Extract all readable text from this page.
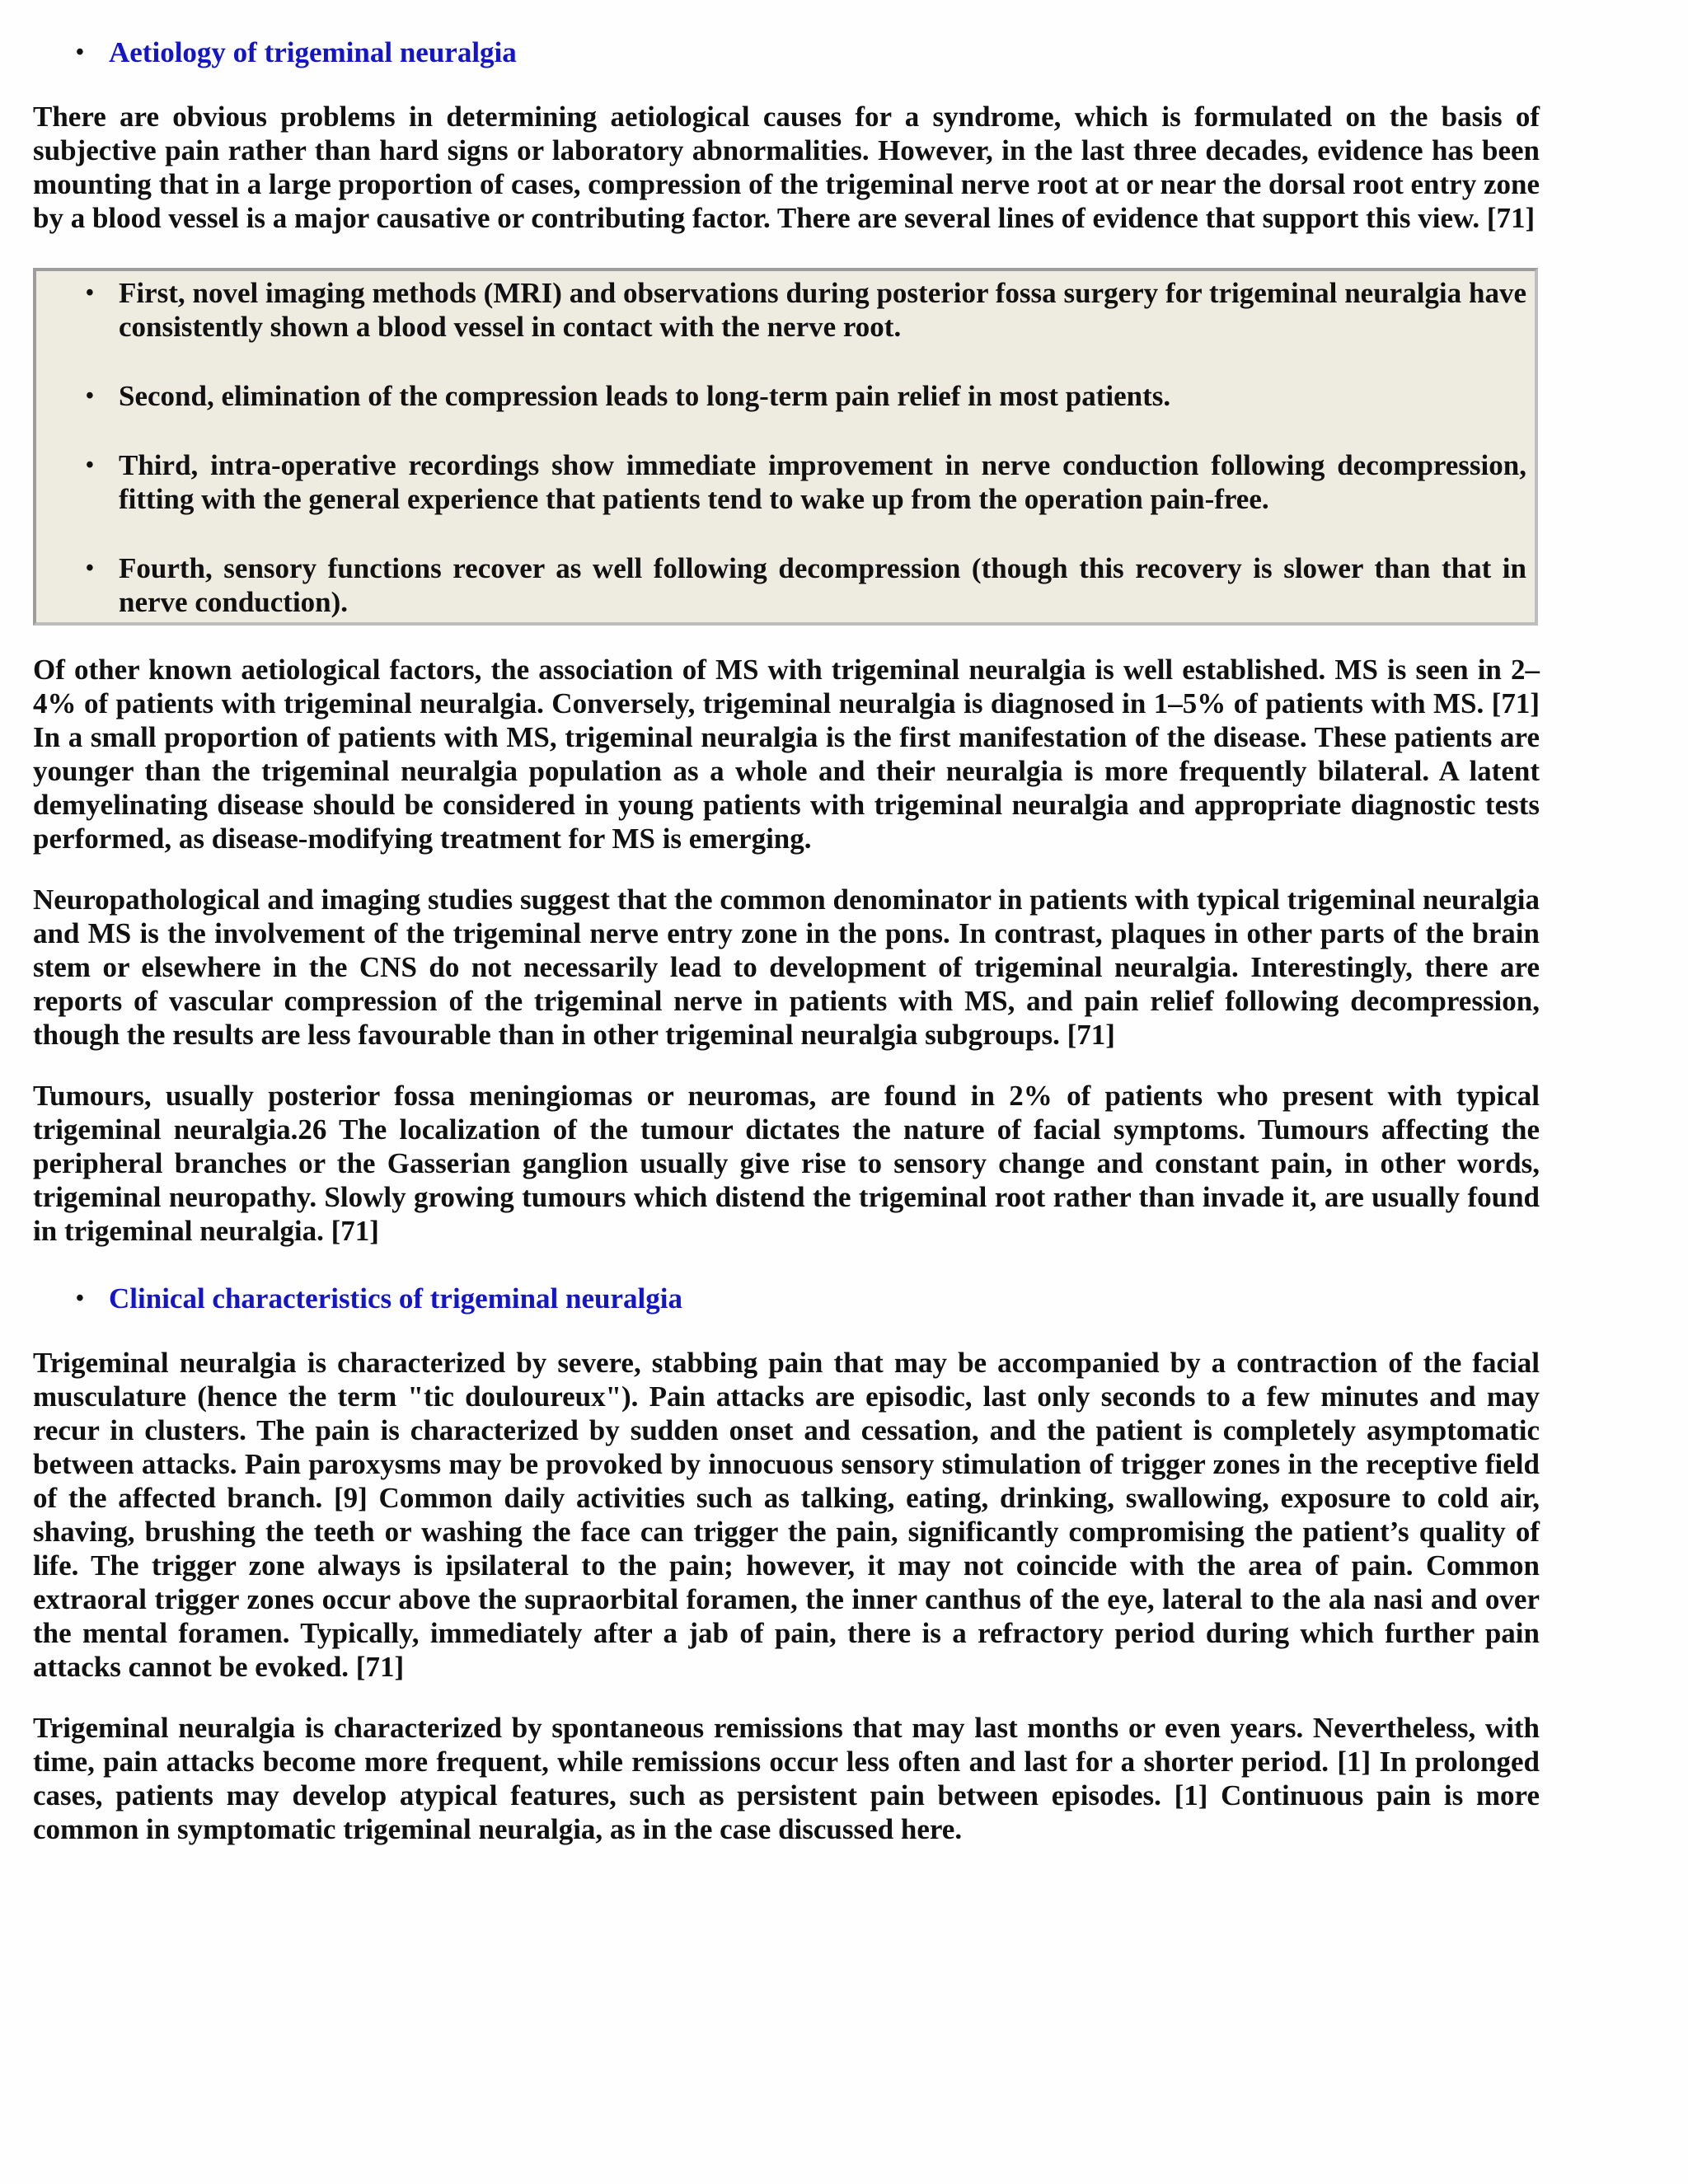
• Aetiology of trigeminal neuralgia

There are obvious problems in determining aetiological causes for a syndrome, which is formulated on the basis of subjective pain rather than hard signs or laboratory abnormalities. However, in the last three decades, evidence has been mounting that in a large proportion of cases, compression of the trigeminal nerve root at or near the dorsal root entry zone by a blood vessel is a major causative or contributing factor. There are several lines of evidence that support this view. [71]

• First, novel imaging methods (MRI) and observations during posterior fossa surgery for trigeminal neuralgia have consistently shown a blood vessel in contact with the nerve root.
• Second, elimination of the compression leads to long-term pain relief in most patients.
• Third, intra-operative recordings show immediate improvement in nerve conduction following decompression, fitting with the general experience that patients tend to wake up from the operation pain-free.
• Fourth, sensory functions recover as well following decompression (though this recovery is slower than that in nerve conduction).

Of other known aetiological factors, the association of MS with trigeminal neuralgia is well established. MS is seen in 2–4% of patients with trigeminal neuralgia. Conversely, trigeminal neuralgia is diagnosed in 1–5% of patients with MS. [71] In a small proportion of patients with MS, trigeminal neuralgia is the first manifestation of the disease. These patients are younger than the trigeminal neuralgia population as a whole and their neuralgia is more frequently bilateral. A latent demyelinating disease should be considered in young patients with trigeminal neuralgia and appropriate diagnostic tests performed, as disease-modifying treatment for MS is emerging.

Neuropathological and imaging studies suggest that the common denominator in patients with typical trigeminal neuralgia and MS is the involvement of the trigeminal nerve entry zone in the pons. In contrast, plaques in other parts of the brain stem or elsewhere in the CNS do not necessarily lead to development of trigeminal neuralgia. Interestingly, there are reports of vascular compression of the trigeminal nerve in patients with MS, and pain relief following decompression, though the results are less favourable than in other trigeminal neuralgia subgroups. [71]

Tumours, usually posterior fossa meningiomas or neuromas, are found in 2% of patients who present with typical trigeminal neuralgia.26 The localization of the tumour dictates the nature of facial symptoms. Tumours affecting the peripheral branches or the Gasserian ganglion usually give rise to sensory change and constant pain, in other words, trigeminal neuropathy. Slowly growing tumours which distend the trigeminal root rather than invade it, are usually found in trigeminal neuralgia. [71]

• Clinical characteristics of trigeminal neuralgia

Trigeminal neuralgia is characterized by severe, stabbing pain that may be accompanied by a contraction of the facial musculature (hence the term "tic douloureux"). Pain attacks are episodic, last only seconds to a few minutes and may recur in clusters. The pain is characterized by sudden onset and cessation, and the patient is completely asymptomatic between attacks. Pain paroxysms may be provoked by innocuous sensory stimulation of trigger zones in the receptive field of the affected branch. [9] Common daily activities such as talking, eating, drinking, swallowing, exposure to cold air, shaving, brushing the teeth or washing the face can trigger the pain, significantly compromising the patient’s quality of life. The trigger zone always is ipsilateral to the pain; however, it may not coincide with the area of pain. Common extraoral trigger zones occur above the supraorbital foramen, the inner canthus of the eye, lateral to the ala nasi and over the mental foramen. Typically, immediately after a jab of pain, there is a refractory period during which further pain attacks cannot be evoked. [71]

Trigeminal neuralgia is characterized by spontaneous remissions that may last months or even years. Nevertheless, with time, pain attacks become more frequent, while remissions occur less often and last for a shorter period. [1] In prolonged cases, patients may develop atypical features, such as persistent pain between episodes. [1] Continuous pain is more common in symptomatic trigeminal neuralgia, as in the case discussed here.
